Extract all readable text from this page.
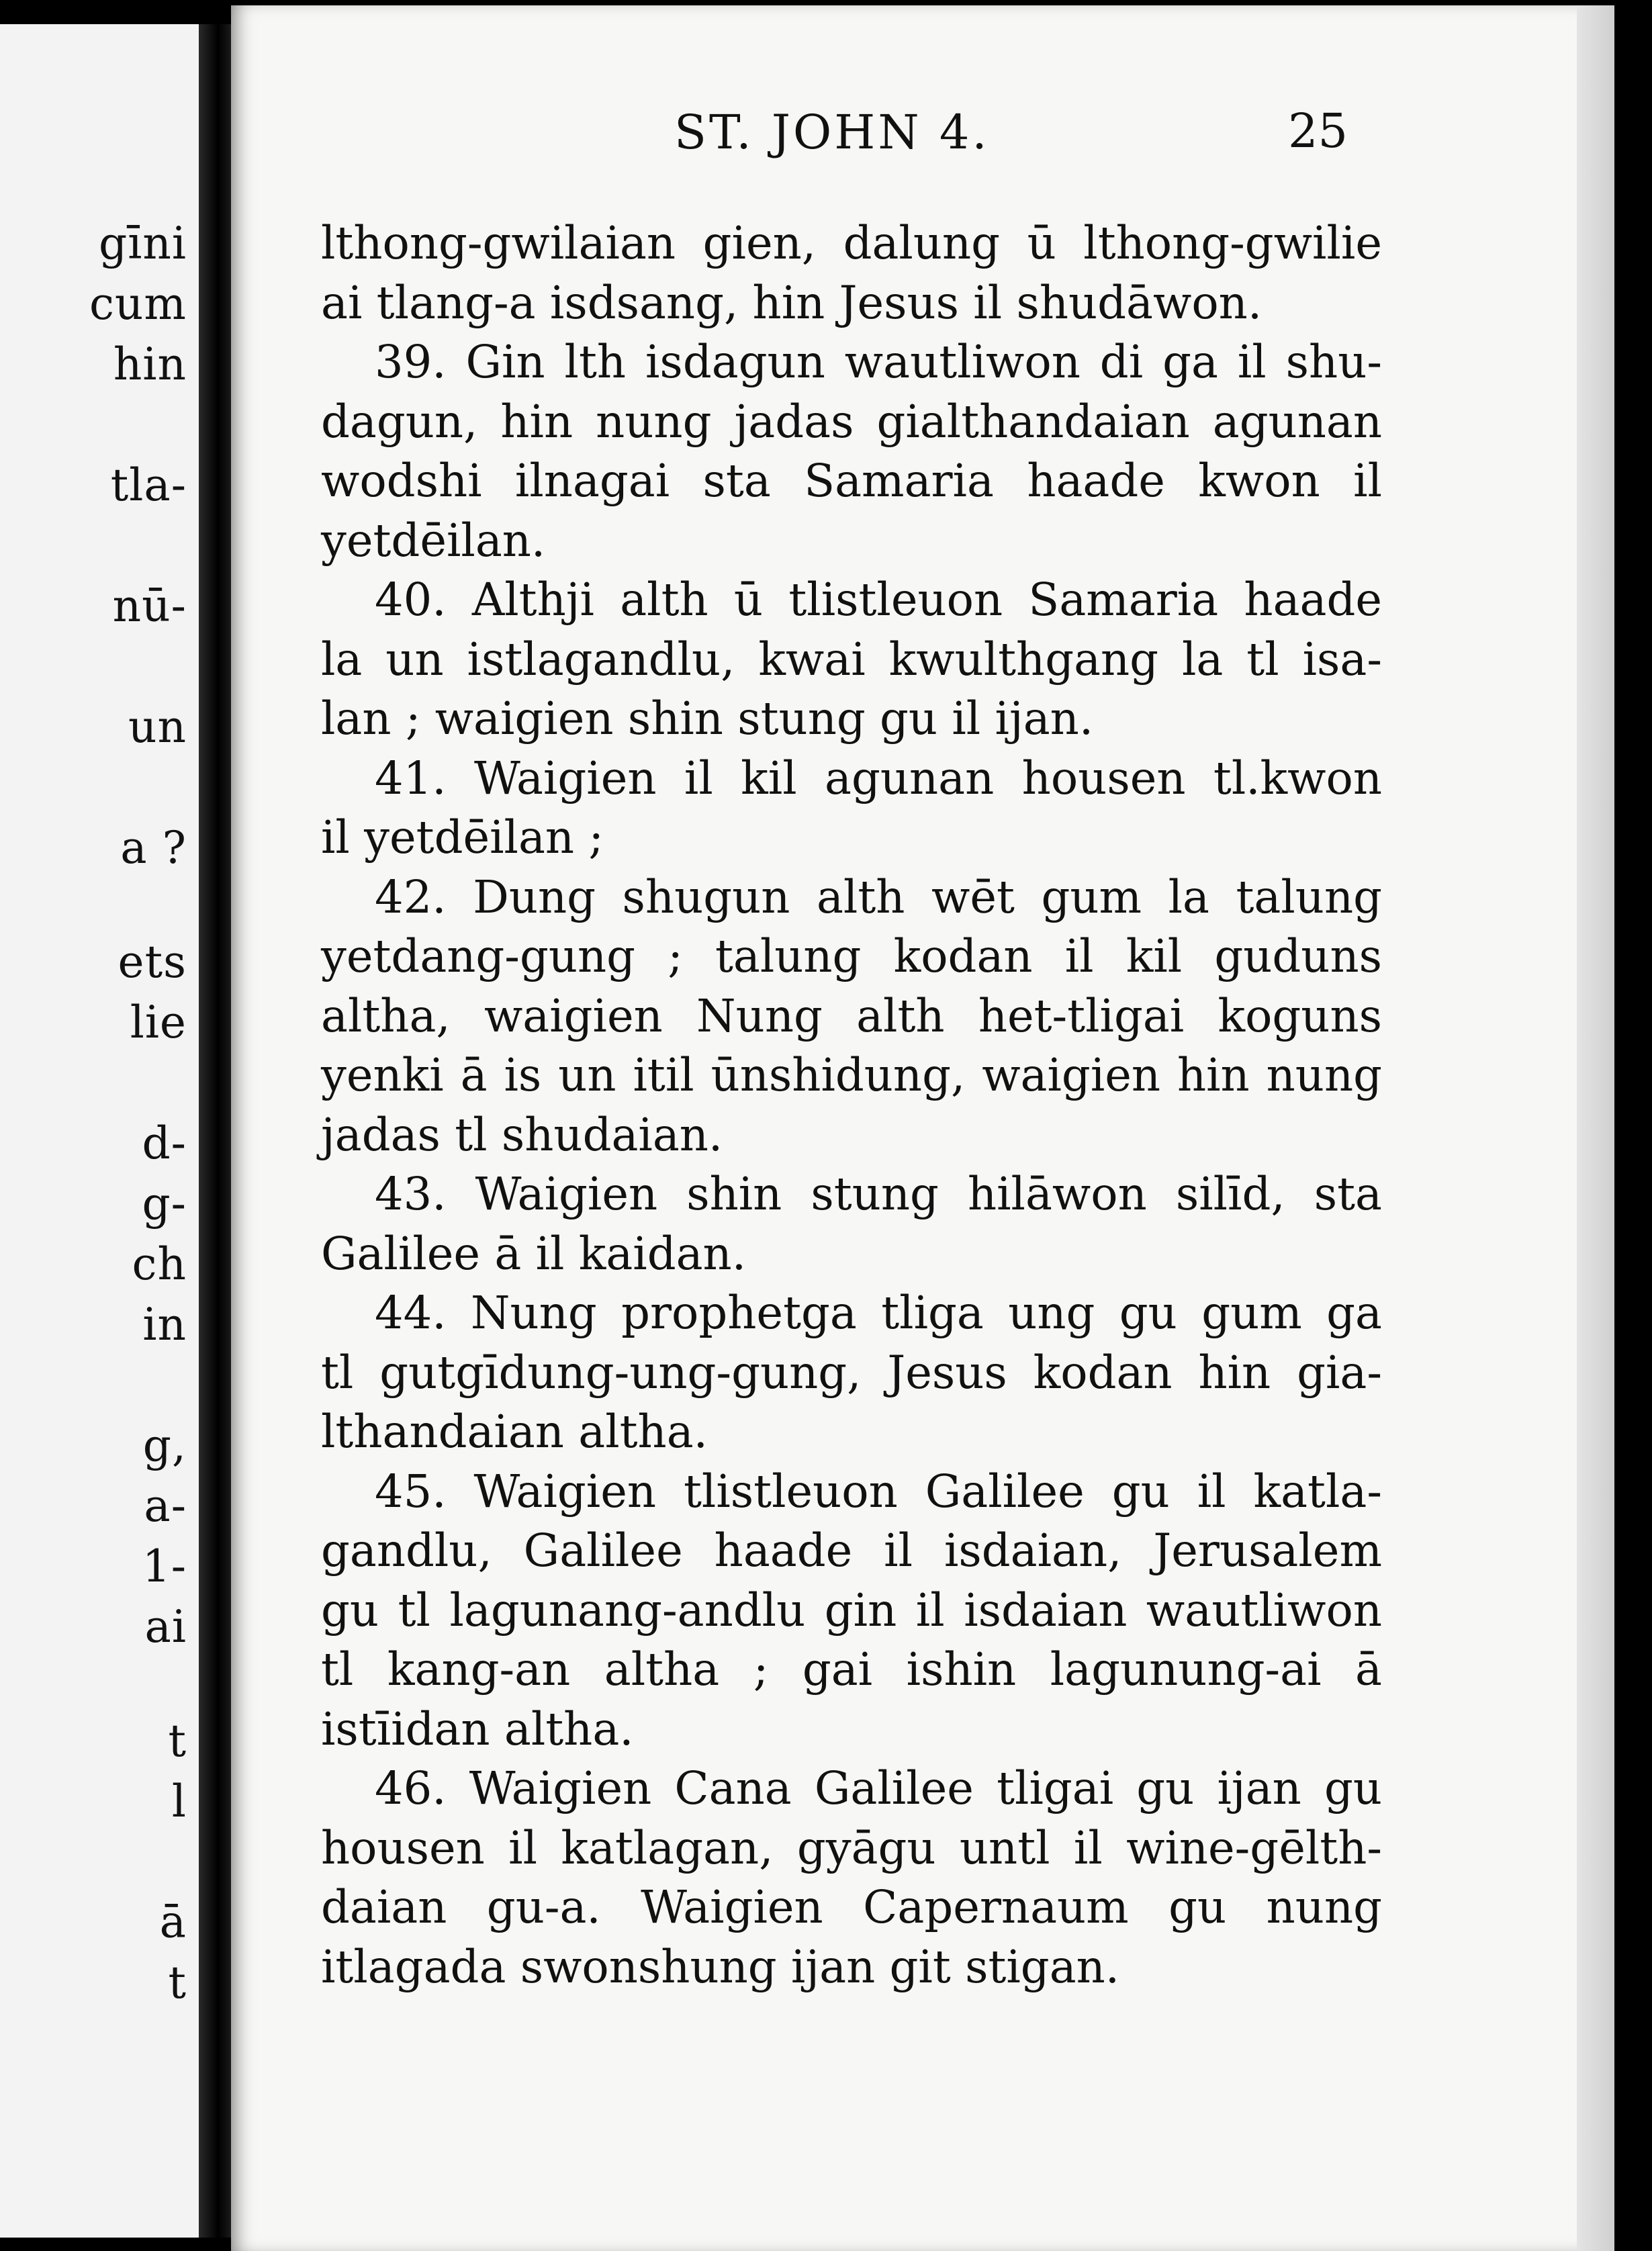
gīni
cum
hin
tla-
nū-
un
a ?
ets
lie
d-
g-
ch
in
g,
a-
1-
ai
t
l
ā
t
ST. JOHN 4.	25
lthong-gwilaian gien, dalung ū lthong-gwilie
ai tlang-a isdsang, hin Jesus il shudāwon.
39. Gin lth isdagun wautliwon di ga il shu-
dagun, hin nung jadas gialthandaian agunan
wodshi ilnagai sta Samaria haade kwon il
yetdēilan.
40. Althji alth ū tlistleuon Samaria haade
la un istlagandlu, kwai kwulthgang la tl isa-
lan ; waigien shin stung gu il ijan.
41. Waigien il kil agunan housen tl.kwon
il yetdēilan ;
42. Dung shugun alth wēt gum la talung
yetdang-gung ; talung kodan il kil guduns
altha, waigien Nung alth het-tligai koguns
yenki ā is un itil ūnshidung, waigien hin nung
jadas tl shudaian.
43. Waigien shin stung hilāwon silīd, sta
Galilee ā il kaidan.
44. Nung prophetga tliga ung gu gum ga
tl gutgīdung-ung-gung, Jesus kodan hin gia-
lthandaian altha.
45. Waigien tlistleuon Galilee gu il katla-
gandlu, Galilee haade il isdaian, Jerusalem
gu tl lagunang-andlu gin il isdaian wautliwon
tl kang-an altha ; gai ishin lagunung-ai ā
istīidan altha.
46. Waigien Cana Galilee tligai gu ijan gu
housen il katlagan, gyāgu untl il wine-gēlth-
daian gu-a. Waigien Capernaum gu nung
itlagada swonshung ijan git stigan.
